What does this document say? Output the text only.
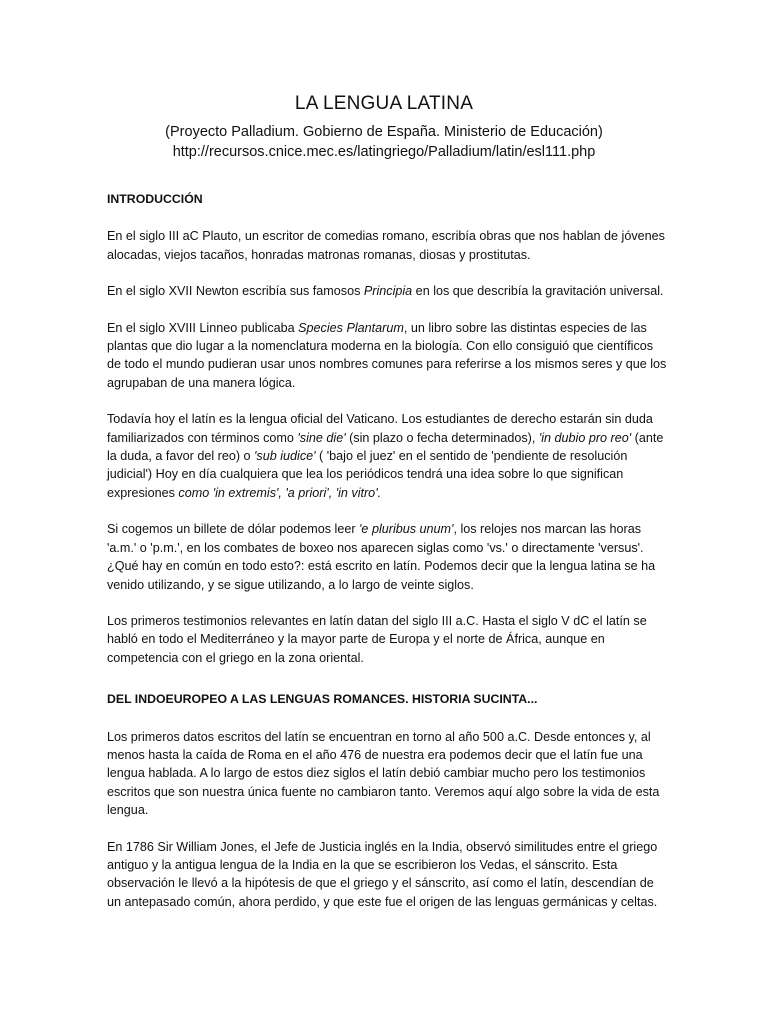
LA LENGUA LATINA
(Proyecto Palladium. Gobierno de España. Ministerio de Educación)
http://recursos.cnice.mec.es/latingriego/Palladium/latin/esl111.php
INTRODUCCIÓN

En el siglo III aC Plauto, un escritor de comedias romano, escribía obras que nos hablan de jóvenes alocadas, viejos tacaños, honradas matronas romanas, diosas y prostitutas.

En el siglo XVII Newton escribía sus famosos Principia en los que describía la gravitación universal.

En el siglo XVIII Linneo publicaba Species Plantarum, un libro sobre las distintas especies de las plantas que dio lugar a la nomenclatura moderna en la biología. Con ello consiguió que científicos de todo el mundo pudieran usar unos nombres comunes para referirse a los mismos seres y que los agrupaban de una manera lógica.

Todavía hoy el latín es la lengua oficial del Vaticano. Los estudiantes de derecho estarán sin duda familiarizados con términos como 'sine die' (sin plazo o fecha determinados), 'in dubio pro reo' (ante la duda, a favor del reo) o 'sub iudice' ( 'bajo el juez' en el sentido de 'pendiente de resolución judicial') Hoy en día cualquiera que lea los periódicos tendrá una idea sobre lo que significan expresiones como 'in extremis', 'a priori', 'in vitro'.

Si cogemos un billete de dólar podemos leer 'e pluribus unum', los relojes nos marcan las horas 'a.m.' o 'p.m.', en los combates de boxeo nos aparecen siglas como 'vs.' o directamente 'versus'. ¿Qué hay en común en todo esto?: está escrito en latín. Podemos decir que la lengua latina se ha venido utilizando, y se sigue utilizando, a lo largo de veinte siglos.

Los primeros testimonios relevantes en latín datan del siglo III a.C. Hasta el siglo V dC el latín se habló en todo el Mediterráneo y la mayor parte de Europa y el norte de África, aunque en competencia con el griego en la zona oriental.

DEL INDOEUROPEO A LAS LENGUAS ROMANCES. HISTORIA SUCINTA...

Los primeros datos escritos del latín se encuentran en torno al año 500 a.C. Desde entonces y, al menos hasta la caída de Roma en el año 476 de nuestra era podemos decir que el latín fue una lengua hablada. A lo largo de estos diez siglos el latín debió cambiar mucho pero los testimonios escritos que son nuestra única fuente no cambiaron tanto. Veremos aquí algo sobre la vida de esta lengua.

En 1786 Sir William Jones, el Jefe de Justicia inglés en la India, observó similitudes entre el griego antiguo y la antigua lengua de la India en la que se escribieron los Vedas, el sánscrito. Esta observación le llevó a la hipótesis de que el griego y el sánscrito, así como el latín, descendían de un antepasado común, ahora perdido, y que este fue el origen de las lenguas germánicas y celtas.
